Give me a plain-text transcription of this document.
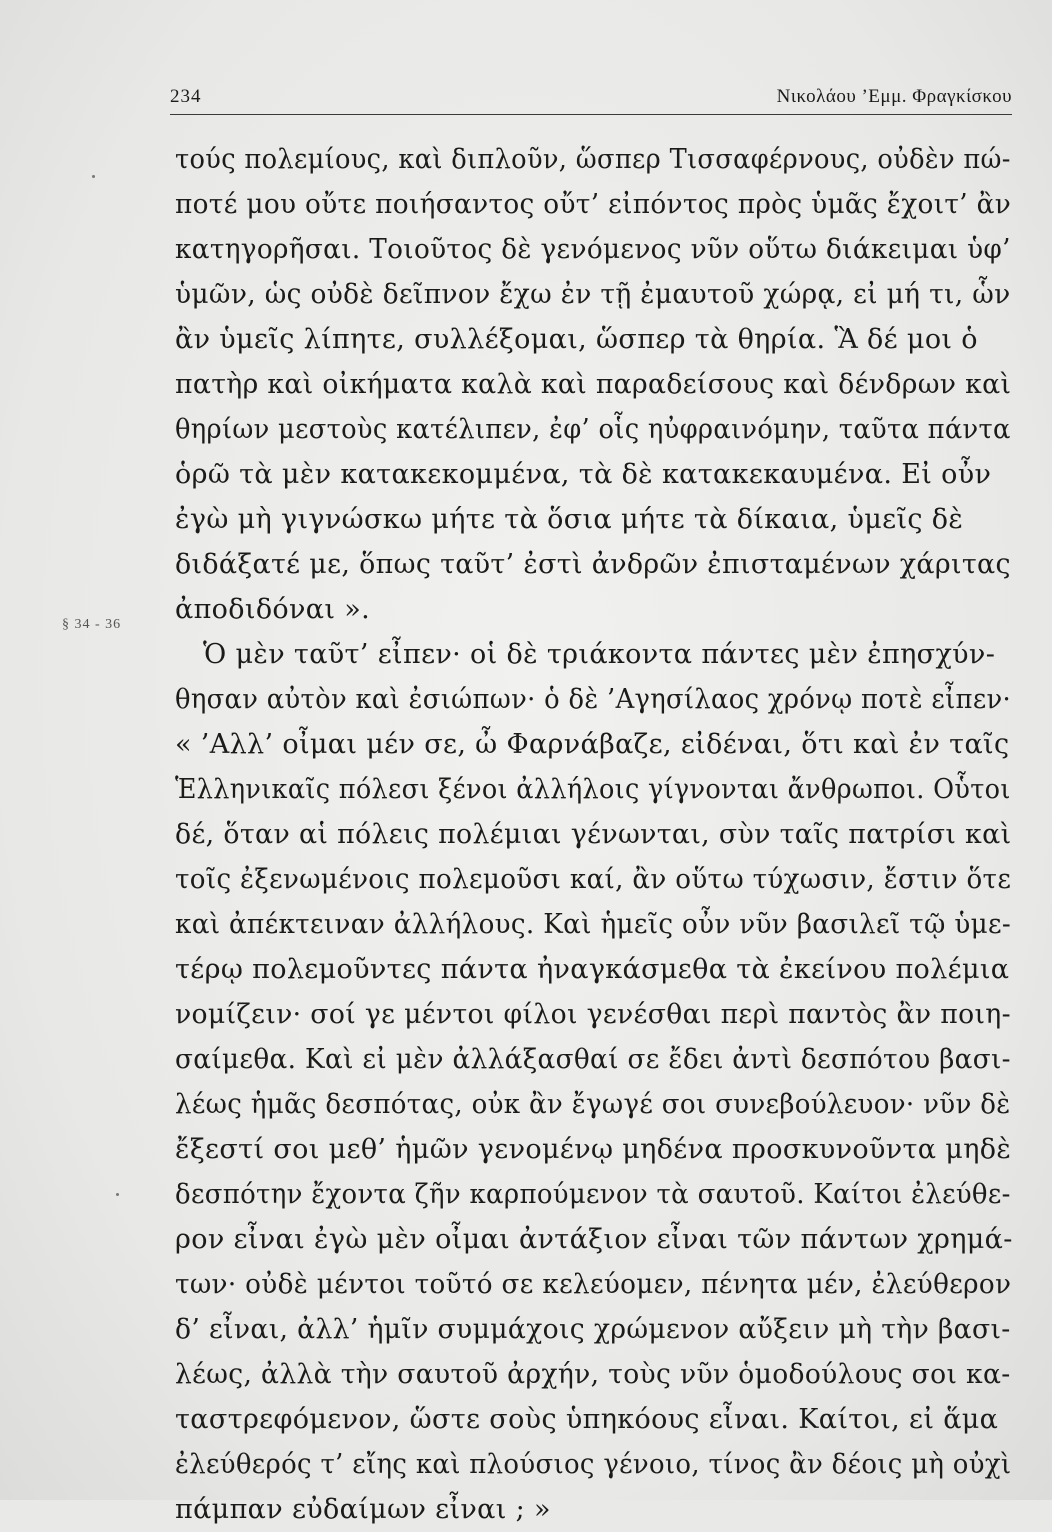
234	Νικολάου ’Εμμ. Φραγκίσκου
§ 34 - 36
τούς πολεμίους, καὶ διπλοῦν, ὥσπερ Τισσαφέρνους, οὐδὲν πώ-
ποτέ μου οὔτε ποιήσαντος οὔτ’ εἰπόντος πρὸς ὑμᾶς ἔχοιτ’ ἂν
κατηγορῆσαι. Τοιοῦτος δὲ γενόμενος νῦν οὕτω διάκειμαι ὑφ’
ὑμῶν, ὡς οὐδὲ δεῖπνον ἔχω ἐν τῇ ἐμαυτοῦ χώρᾳ, εἰ μή τι, ὧν
ἂν ὑμεῖς λίπητε, συλλέξομαι, ὥσπερ τὰ θηρία. Ἃ δέ μοι ὁ
πατὴρ καὶ οἰκήματα καλὰ καὶ παραδείσους καὶ δένδρων καὶ
θηρίων μεστοὺς κατέλιπεν, ἐφ’ οἷς ηὐφραινόμην, ταῦτα πάντα
ὁρῶ τὰ μὲν κατακεκομμένα, τὰ δὲ κατακεκαυμένα. Εἰ οὖν
ἐγὼ μὴ γιγνώσκω μήτε τὰ ὅσια μήτε τὰ δίκαια, ὑμεῖς δὲ
διδάξατέ με, ὅπως ταῦτ’ ἐστὶ ἀνδρῶν ἐπισταμένων χάριτας
ἀποδιδόναι ».
Ὁ μὲν ταῦτ’ εἶπεν· οἱ δὲ τριάκοντα πάντες μὲν ἐπησχύν-
θησαν αὐτὸν καὶ ἐσιώπων· ὁ δὲ ’Αγησίλαος χρόνῳ ποτὲ εἶπεν·
« ’Αλλ’ οἶμαι μέν σε, ὦ Φαρνάβαζε, εἰδέναι, ὅτι καὶ ἐν ταῖς
Ἑλληνικαῖς πόλεσι ξένοι ἀλλήλοις γίγνονται ἄνθρωποι. Οὗτοι
δέ, ὅταν αἱ πόλεις πολέμιαι γένωνται, σὺν ταῖς πατρίσι καὶ
τοῖς ἐξενωμένοις πολεμοῦσι καί, ἂν οὕτω τύχωσιν, ἔστιν ὅτε
καὶ ἀπέκτειναν ἀλλήλους. Καὶ ἡμεῖς οὖν νῦν βασιλεῖ τῷ ὑμε-
τέρῳ πολεμοῦντες πάντα ἠναγκάσμεθα τὰ ἐκείνου πολέμια
νομίζειν· σοί γε μέντοι φίλοι γενέσθαι περὶ παντὸς ἂν ποιη-
σαίμεθα. Καὶ εἰ μὲν ἀλλάξασθαί σε ἔδει ἀντὶ δεσπότου βασι-
λέως ἡμᾶς δεσπότας, οὐκ ἂν ἔγωγέ σοι συνεβούλευον· νῦν δὲ
ἔξεστί σοι μεθ’ ἡμῶν γενομένῳ μηδένα προσκυνοῦντα μηδὲ
δεσπότην ἔχοντα ζῆν καρπούμενον τὰ σαυτοῦ. Καίτοι ἐλεύθε-
ρον εἶναι ἐγὼ μὲν οἶμαι ἀντάξιον εἶναι τῶν πάντων χρημά-
των· οὐδὲ μέντοι τοῦτό σε κελεύομεν, πένητα μέν, ἐλεύθερον
δ’ εἶναι, ἀλλ’ ἡμῖν συμμάχοις χρώμενον αὔξειν μὴ τὴν βασι-
λέως, ἀλλὰ τὴν σαυτοῦ ἀρχήν, τοὺς νῦν ὁμοδούλους σοι κα-
ταστρεφόμενον, ὥστε σοὺς ὑπηκόους εἶναι. Καίτοι, εἰ ἅμα
ἐλεύθερός τ’ εἴης καὶ πλούσιος γένοιο, τίνος ἂν δέοις μὴ οὐχὶ
πάμπαν εὐδαίμων εἶναι ; »
